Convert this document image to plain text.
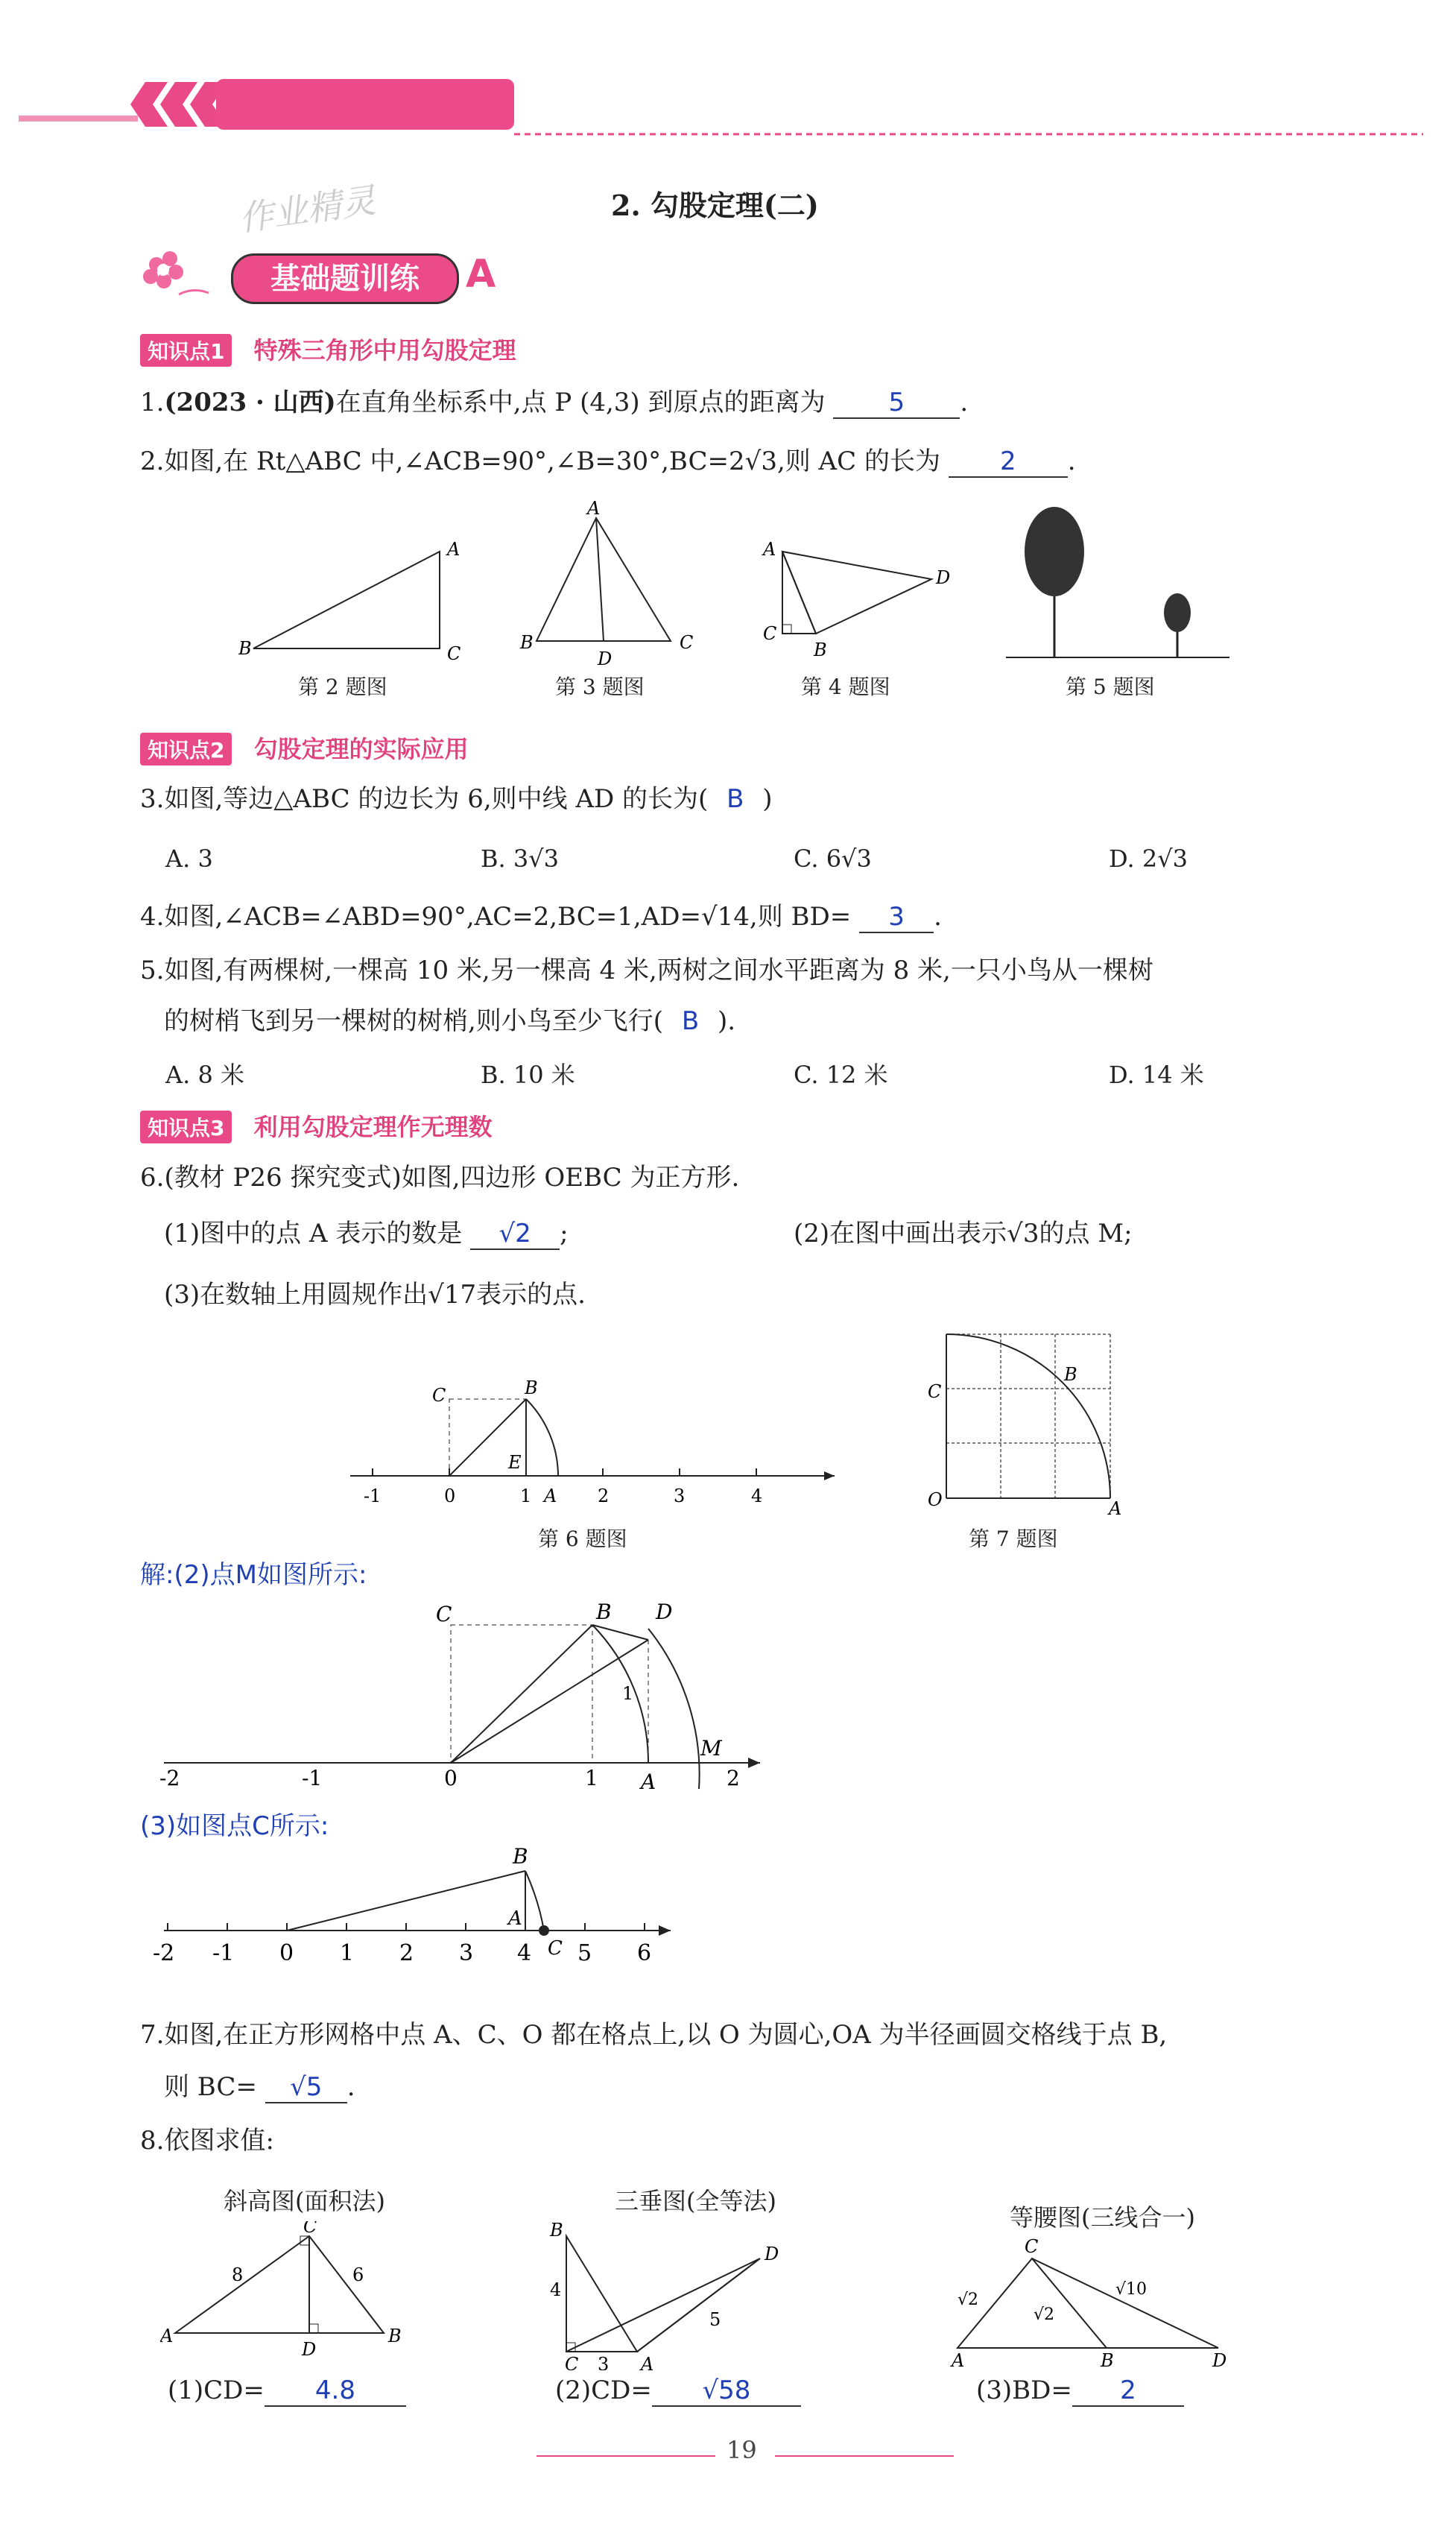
2. 勾股定理(二)
作业精灵
基础题训练	A
知识点1 特殊三角形中用勾股定理
1.(2023 · 山西)在直角坐标系中,点 P (4,3) 到原点的距离为 5 .
2.如图,在 Rt△ABC 中,∠ACB=90°,∠B=30°,BC=2√3,则 AC 的长为 2 .
B
A
C
第 2 题图
A
B
D
C
第 3 题图
A
C
B
D
第 4 题图	第 5 题图
知识点2 勾股定理的实际应用
3.如图,等边△ABC 的边长为 6,则中线 AD 的长为( B )
A. 3	B. 3√3	C. 6√3	D. 2√3
4.如图,∠ACB=∠ABD=90°,AC=2,BC=1,AD=√14,则 BD= 3 .
5.如图,有两棵树,一棵高 10 米,另一棵高 4 米,两树之间水平距离为 8 米,一只小鸟从一棵树
的树梢飞到另一棵树的树梢,则小鸟至少飞行( B ).
A. 8 米	B. 10 米	C. 12 米	D. 14 米
知识点3 利用勾股定理作无理数
6.(教材 P26 探究变式)如图,四边形 OEBC 为正方形.
(1)图中的点 A 表示的数是 √2 ;	(2)在图中画出表示√3的点 M;
(3)在数轴上用圆规作出√17表示的点.
-1	0	1	2	3	4
C	B
E
A
第 6 题图
O
C
B
A
第 7 题图
解:(2)点M如图所示:
-2	-1	0	1	2
C	B D
1
A
M
(3)如图点C所示:
-2 -1 0 1 2 3 4 5 6
B
A
C
7.如图,在正方形网格中点 A、C、O 都在格点上,以 O 为圆心,OA 为半径画圆交格线于点 B,
则 BC= √5 .
8.依图求值:
斜高图(面积法)	三垂图(全等法)
等腰图(三线合一)
A
C
B
D
8	6
(1)CD= 4.8
B
4
C 3 A
5
D
(2)CD= √58
C
A	B	D
√2
√2
√10
(3)BD= 2
19
